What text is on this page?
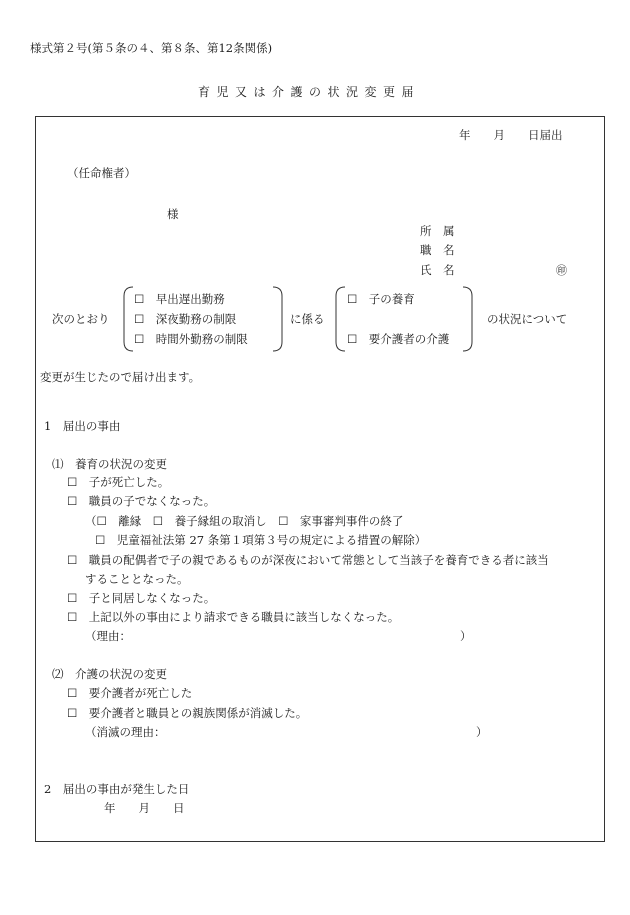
様式第２号(第５条の４、第８条、第12条関係)
育児又は介護の状況変更届
年　　月　　日届出
（任命権者）
様
所　属
職　名
氏　名	㊞
次のとおり
☐　早出遅出勤務
☐　深夜勤務の制限
☐　時間外勤務の制限
に係る
☐　子の養育
☐　要介護者の介護
の状況について
変更が生じたので届け出ます。
1　届出の事由
⑴　養育の状況の変更
☐　子が死亡した。
☐　職員の子でなくなった。
（☐　離縁　☐　養子縁組の取消し　☐　家事審判事件の終了
☐　児童福祉法第 27 条第１項第３号の規定による措置の解除）
☐　職員の配偶者で子の親であるものが深夜において常態として当該子を養育できる者に該当
することとなった。
☐　子と同居しなくなった。
☐　上記以外の事由により請求できる職員に該当しなくなった。
（理由：	）
⑵　介護の状況の変更
☐　要介護者が死亡した
☐　要介護者と職員との親族関係が消滅した。
（消滅の理由：	）
2　届出の事由が発生した日
年　　月　　日
